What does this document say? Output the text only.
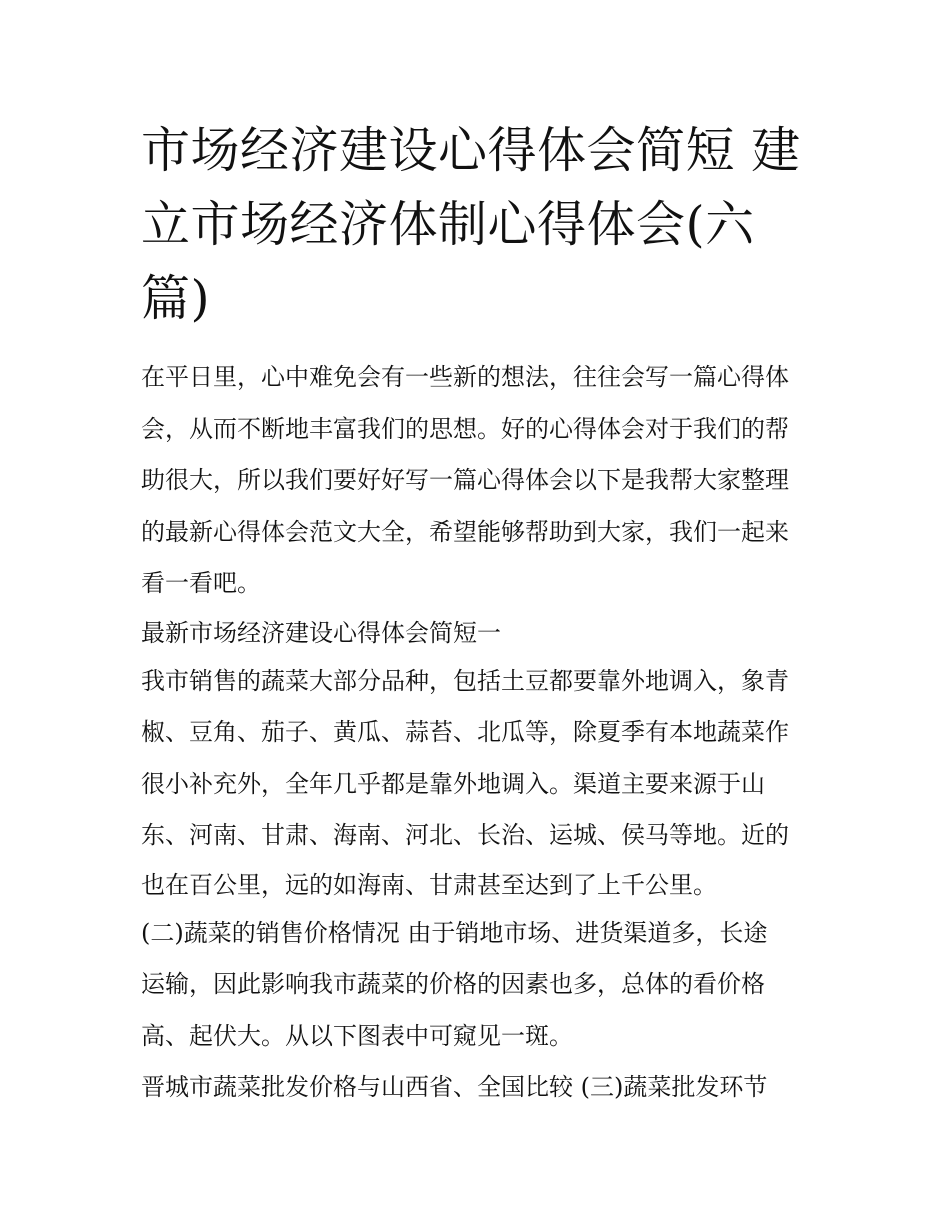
市场经济建设心得体会简短 建
立市场经济体制心得体会(六
篇)
在平日里，心中难免会有一些新的想法，往往会写一篇心得体
会，从而不断地丰富我们的思想。好的心得体会对于我们的帮
助很大，所以我们要好好写一篇心得体会以下是我帮大家整理
的最新心得体会范文大全，希望能够帮助到大家，我们一起来
看一看吧。
最新市场经济建设心得体会简短一
我市销售的蔬菜大部分品种，包括土豆都要靠外地调入，象青
椒、豆角、茄子、黄瓜、蒜苔、北瓜等，除夏季有本地蔬菜作
很小补充外，全年几乎都是靠外地调入。渠道主要来源于山
东、河南、甘肃、海南、河北、长治、运城、侯马等地。近的
也在百公里，远的如海南、甘肃甚至达到了上千公里。
(二)蔬菜的销售价格情况 由于销地市场、进货渠道多，长途
运输，因此影响我市蔬菜的价格的因素也多，总体的看价格
高、起伏大。从以下图表中可窥见一斑。
晋城市蔬菜批发价格与山西省、全国比较 (三)蔬菜批发环节
